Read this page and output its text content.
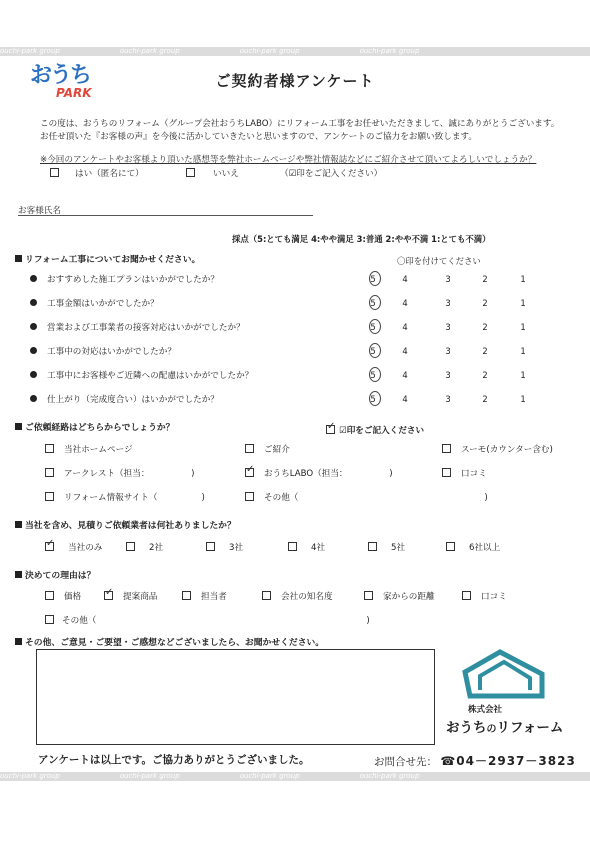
ouchi-park group	ouchi-park group	ouchi-park group	ouchi-park group
ouchi-park group	ouchi-park group	ouchi-park group	ouchi-park group
おうち
PARK
ご契約者様アンケート
この度は、おうちのリフォーム（グループ会社おうちLABO）にリフォーム工事をお任せいただきまして、誠にありがとうございます。
お任せ頂いた『お客様の声』を今後に活かしていきたいと思いますので、アンケートのご協力をお願い致します。
※今回のアンケートやお客様より頂いた感想等を弊社ホームページや弊社情報誌などにご紹介させて頂いてよろしいでしょうか？
はい（匿名にて）	いいえ	（☑印をご記入ください）
お客様氏名
採点（5:とても満足 4:やや満足 3:普通 2:やや不満 1:とても不満）
リフォーム工事についてお聞かせください。	〇印を付けてください
おすすめした施工プランはいかがでしたか？	5	4	3	2	1
工事金額はいかがでしたか？	5	4	3	2	1
営業および工事業者の接客対応はいかがでしたか？	5	4	3	2	1
工事中の対応はいかがでしたか？	5	4	3	2	1
工事中にお客様やご近隣への配慮はいかがでしたか？	5	4	3	2	1
仕上がり（完成度合い）はいかがでしたか？	5	4	3	2	1
ご依頼経路はどちらからでしょうか？ ✓	☑印をご記入ください
当社ホームページ	ご紹介	スーモ(カウンター含む)
アークレスト（担当：	) ✓	おうちLABO（担当：	)	口コミ
リフォーム情報サイト（	)	その他（	)
当社を含め、見積りご依頼業者は何社ありましたか？
✓当社のみ	2社	3社	4社	5社	6社以上
決めての理由は？
価格 ✓	提案商品	担当者	会社の知名度	家からの距離	口コミ
その他（	)
その他、ご意見・ご要望・ご感想などございましたら、お聞かせください。
株式会社
おうちのリフォーム
アンケートは以上です。ご協力ありがとうございました。	お問合せ先： ☎04－2937－3823
